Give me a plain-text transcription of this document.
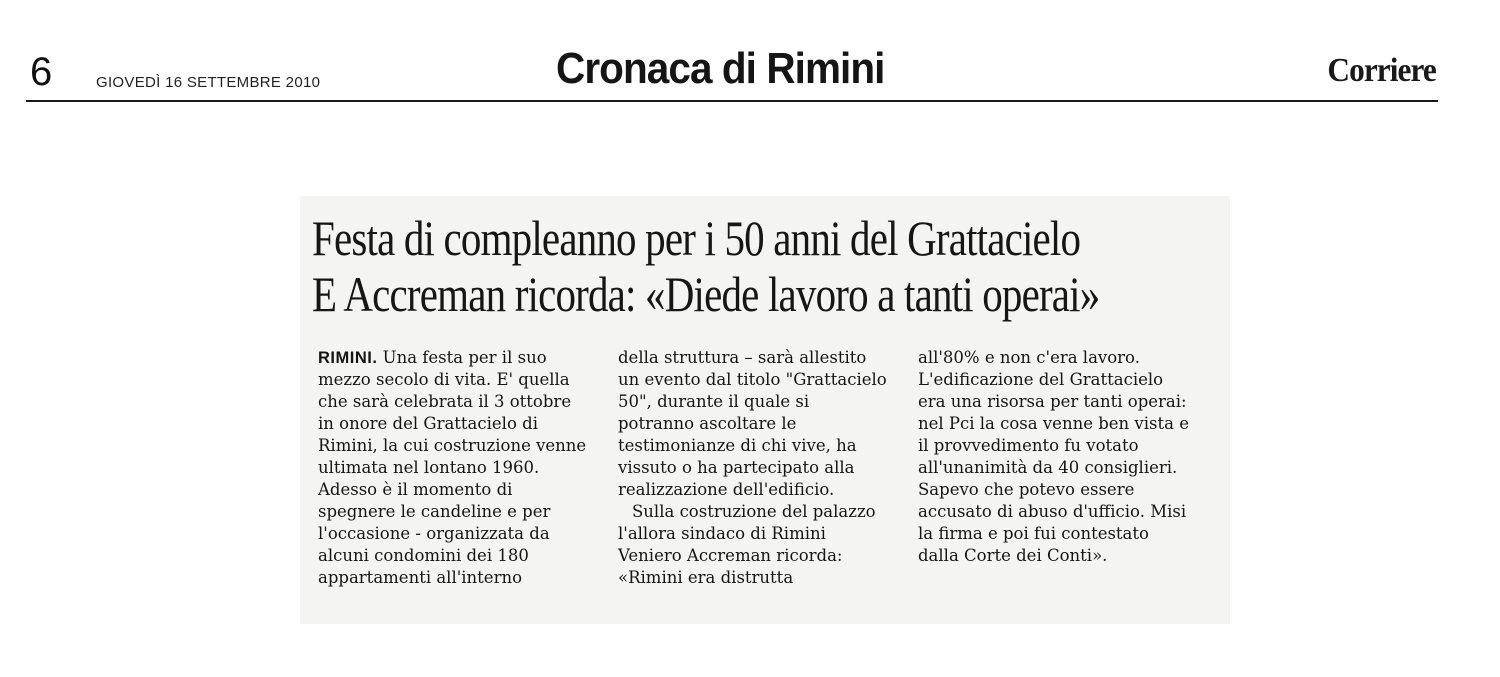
6	GIOVEDÌ 16 SETTEMBRE 2010	Cronaca di Rimini	Corriere
Festa di compleanno per i 50 anni del Grattacielo
E Accreman ricorda: «Diede lavoro a tanti operai»

RIMINI. Una festa per il suo mezzo secolo di vita. E' quella che sarà celebrata il 3 ottobre in onore del Grattacielo di Rimini, la cui costruzione venne ultimata nel lontano 1960. Adesso è il momento di spegnere le candeline e per l'occasione - organizzata da alcuni condomini dei 180 appartamenti all'interno

della struttura – sarà allestito un evento dal titolo "Grattacielo 50", durante il quale si potranno ascoltare le testimonianze di chi vive, ha vissuto o ha partecipato alla realizzazione dell'edificio.

Sulla costruzione del palazzo l'allora sindaco di Rimini Veniero Accreman ricorda: «Rimini era distrutta

all'80% e non c'era lavoro. L'edificazione del Grattacielo era una risorsa per tanti operai: nel Pci la cosa venne ben vista e il provvedimento fu votato all'unanimità da 40 consiglieri. Sapevo che potevo essere accusato di abuso d'ufficio. Misi la firma e poi fui contestato dalla Corte dei Conti».
